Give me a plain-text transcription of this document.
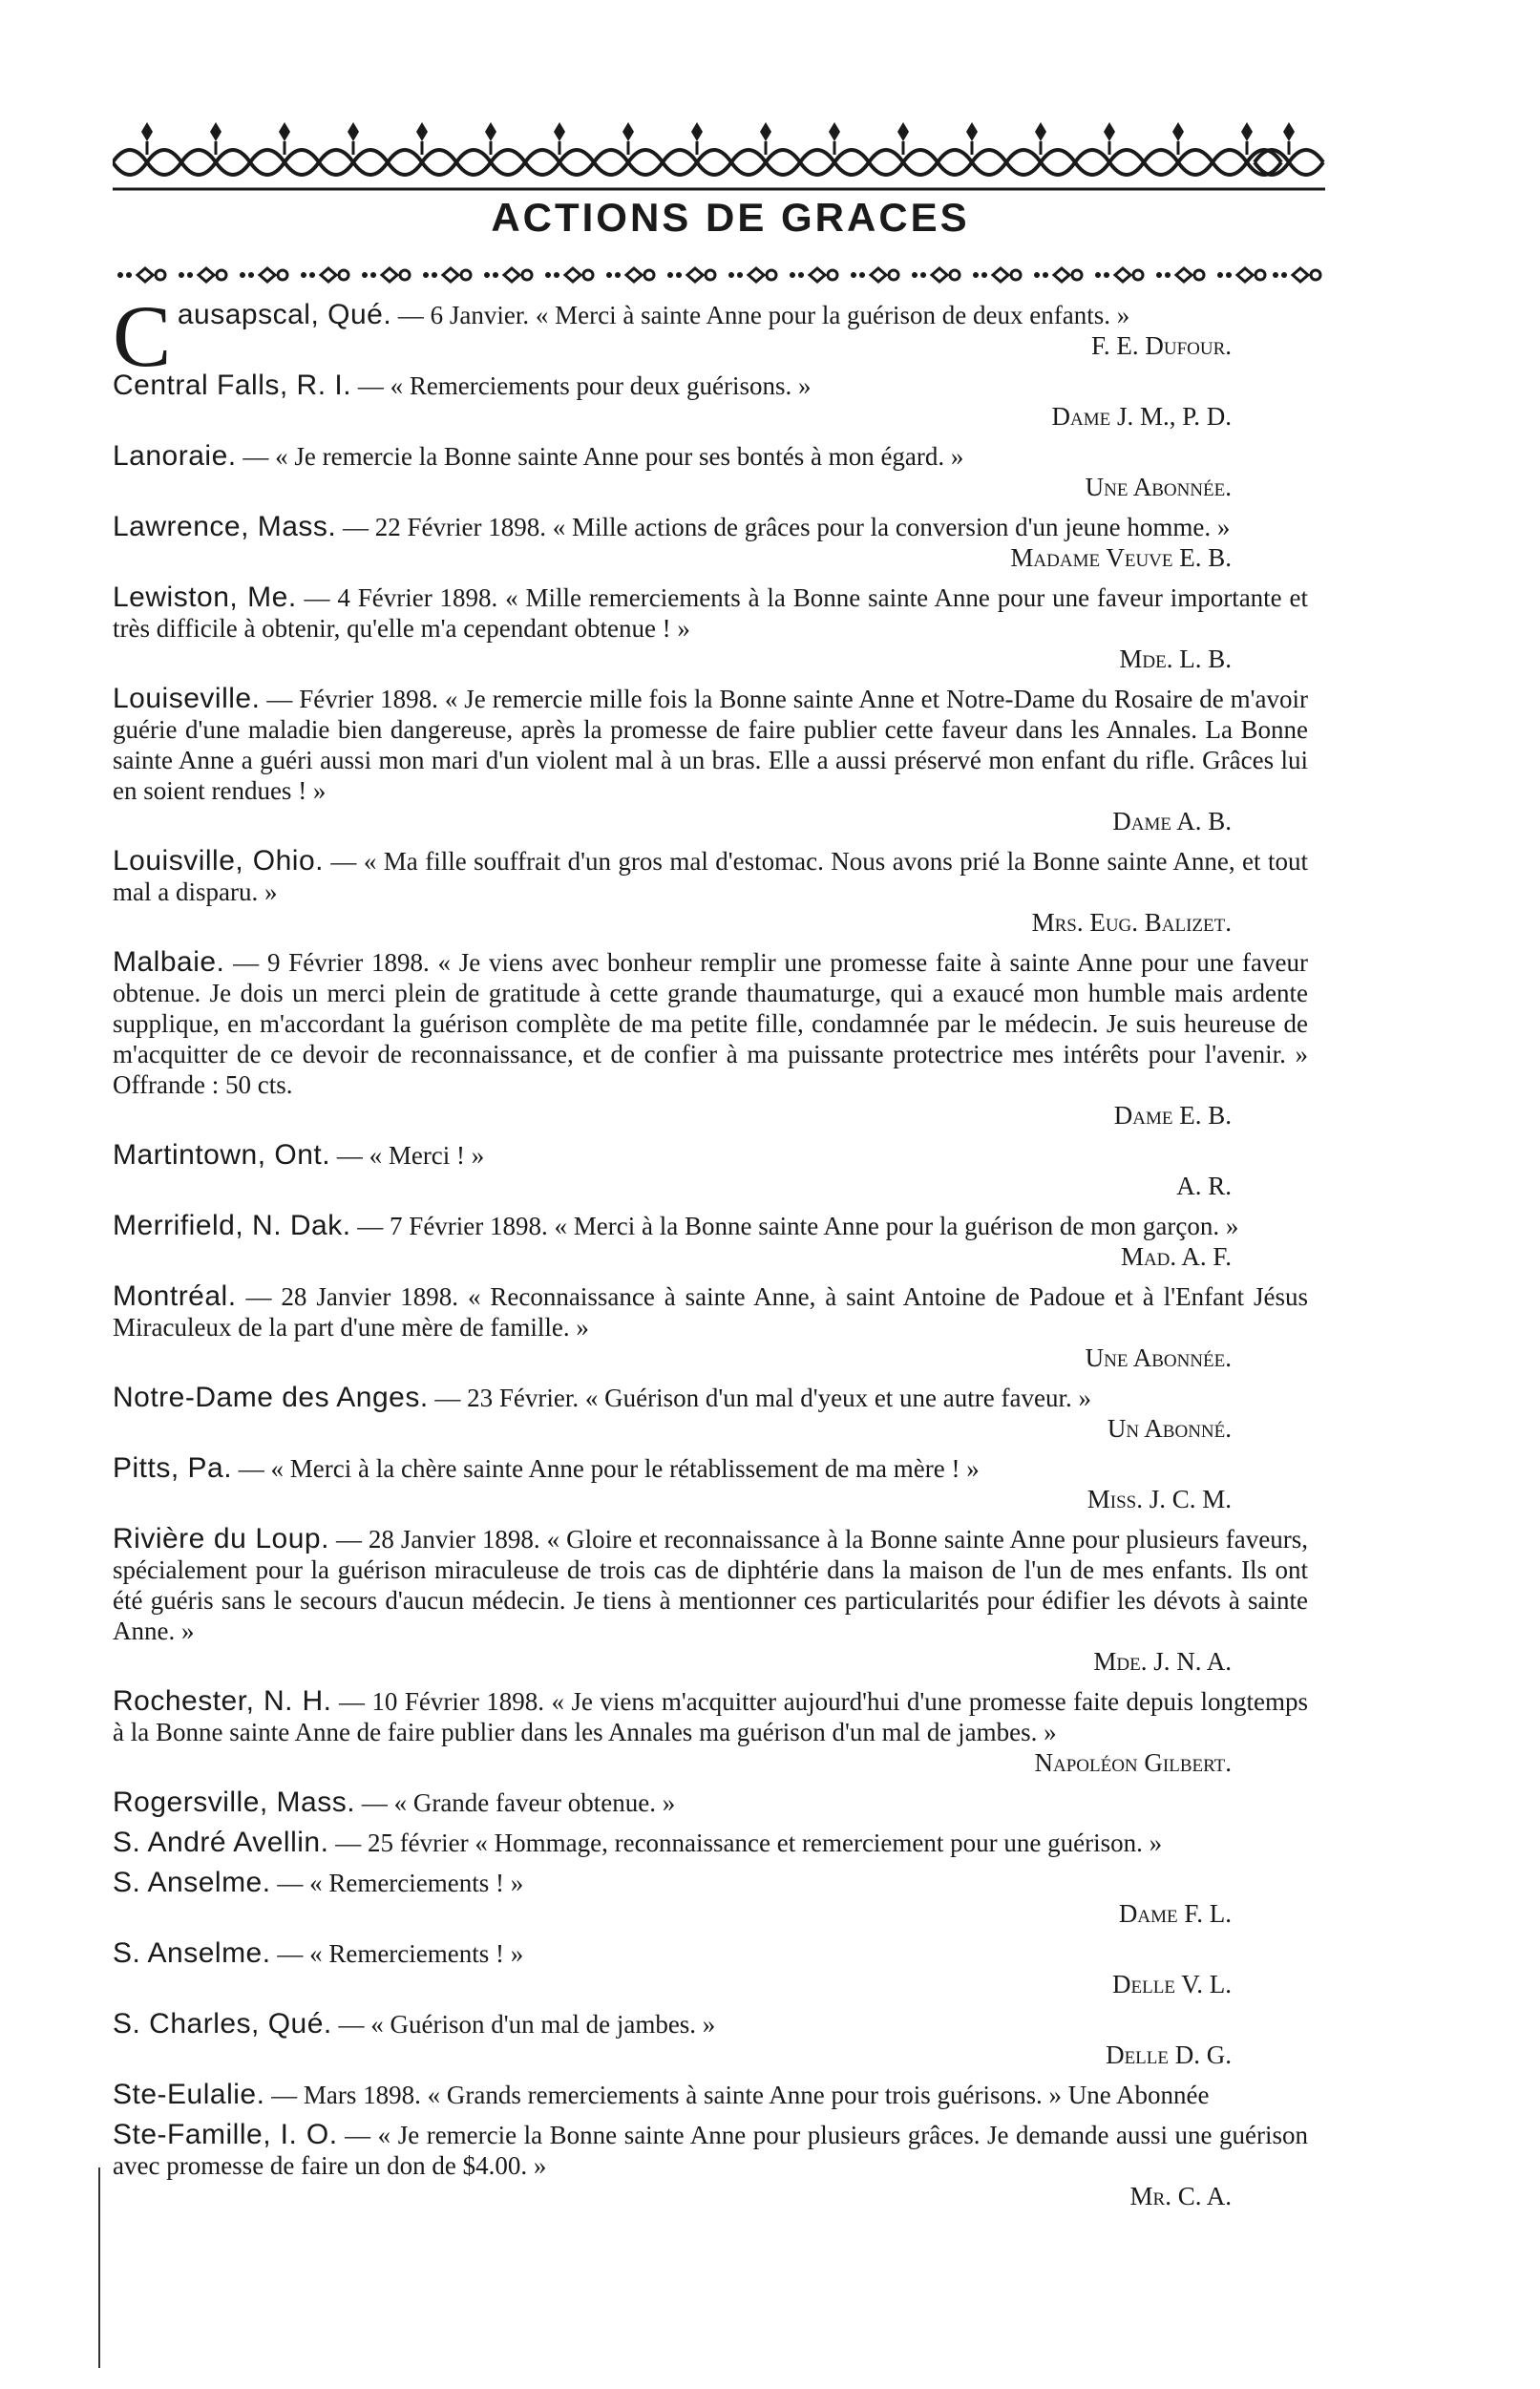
ACTIONS DE GRACES

Causapscal, Qué. — 6 Janvier. « Merci à sainte Anne pour la guérison de deux enfants. »

F. E. Dufour.

Central Falls, R. I. — « Remerciements pour deux guérisons. »

Dame J. M., P. D.

Lanoraie. — « Je remercie la Bonne sainte Anne pour ses bontés à mon égard. »

Une Abonnée.

Lawrence, Mass. — 22 Février 1898. « Mille actions de grâces pour la conversion d'un jeune homme. »

Madame Veuve E. B.

Lewiston, Me. — 4 Février 1898. « Mille remerciements à la Bonne sainte Anne pour une faveur importante et très difficile à obtenir, qu'elle m'a cependant obtenue ! »

Mde. L. B.

Louiseville. — Février 1898. « Je remercie mille fois la Bonne sainte Anne et Notre-Dame du Rosaire de m'avoir guérie d'une maladie bien dangereuse, après la promesse de faire publier cette faveur dans les Annales. La Bonne sainte Anne a guéri aussi mon mari d'un violent mal à un bras. Elle a aussi préservé mon enfant du rifle. Grâces lui en soient rendues ! »

Dame A. B.

Louisville, Ohio. — « Ma fille souffrait d'un gros mal d'estomac. Nous avons prié la Bonne sainte Anne, et tout mal a disparu. »

Mrs. Eug. Balizet.

Malbaie. — 9 Février 1898. « Je viens avec bonheur remplir une promesse faite à sainte Anne pour une faveur obtenue. Je dois un merci plein de gratitude à cette grande thaumaturge, qui a exaucé mon humble mais ardente supplique, en m'accordant la guérison complète de ma petite fille, condamnée par le médecin. Je suis heureuse de m'acquitter de ce devoir de reconnaissance, et de confier à ma puissante protectrice mes intérêts pour l'avenir. » Offrande : 50 cts.

Dame E. B.

Martintown, Ont. — « Merci ! »

A. R.

Merrifield, N. Dak. — 7 Février 1898. « Merci à la Bonne sainte Anne pour la guérison de mon garçon. »

Mad. A. F.

Montréal. — 28 Janvier 1898. « Reconnaissance à sainte Anne, à saint Antoine de Padoue et à l'Enfant Jésus Miraculeux de la part d'une mère de famille. »

Une Abonnée.

Notre-Dame des Anges. — 23 Février. « Guérison d'un mal d'yeux et une autre faveur. »

Un Abonné.

Pitts, Pa. — « Merci à la chère sainte Anne pour le rétablissement de ma mère ! »

Miss. J. C. M.

Rivière du Loup. — 28 Janvier 1898. « Gloire et reconnaissance à la Bonne sainte Anne pour plusieurs faveurs, spécialement pour la guérison miraculeuse de trois cas de diphtérie dans la maison de l'un de mes enfants. Ils ont été guéris sans le secours d'aucun médecin. Je tiens à mentionner ces particularités pour édifier les dévots à sainte Anne. »

Mde. J. N. A.

Rochester, N. H. — 10 Février 1898. « Je viens m'acquitter aujourd'hui d'une promesse faite depuis longtemps à la Bonne sainte Anne de faire publier dans les Annales ma guérison d'un mal de jambes. »

Napoléon Gilbert.

Rogersville, Mass. — « Grande faveur obtenue. »

S. André Avellin. — 25 février « Hommage, reconnaissance et remerciement pour une guérison. »

S. Anselme. — « Remerciements ! »

Dame F. L.

S. Anselme. — « Remerciements ! »

Delle V. L.

S. Charles, Qué. — « Guérison d'un mal de jambes. »

Delle D. G.

Ste-Eulalie. — Mars 1898. « Grands remerciements à sainte Anne pour trois guérisons. » Une Abonnée

Ste-Famille, I. O. — « Je remercie la Bonne sainte Anne pour plusieurs grâces. Je demande aussi une guérison avec promesse de faire un don de $4.00. »

Mr. C. A.
